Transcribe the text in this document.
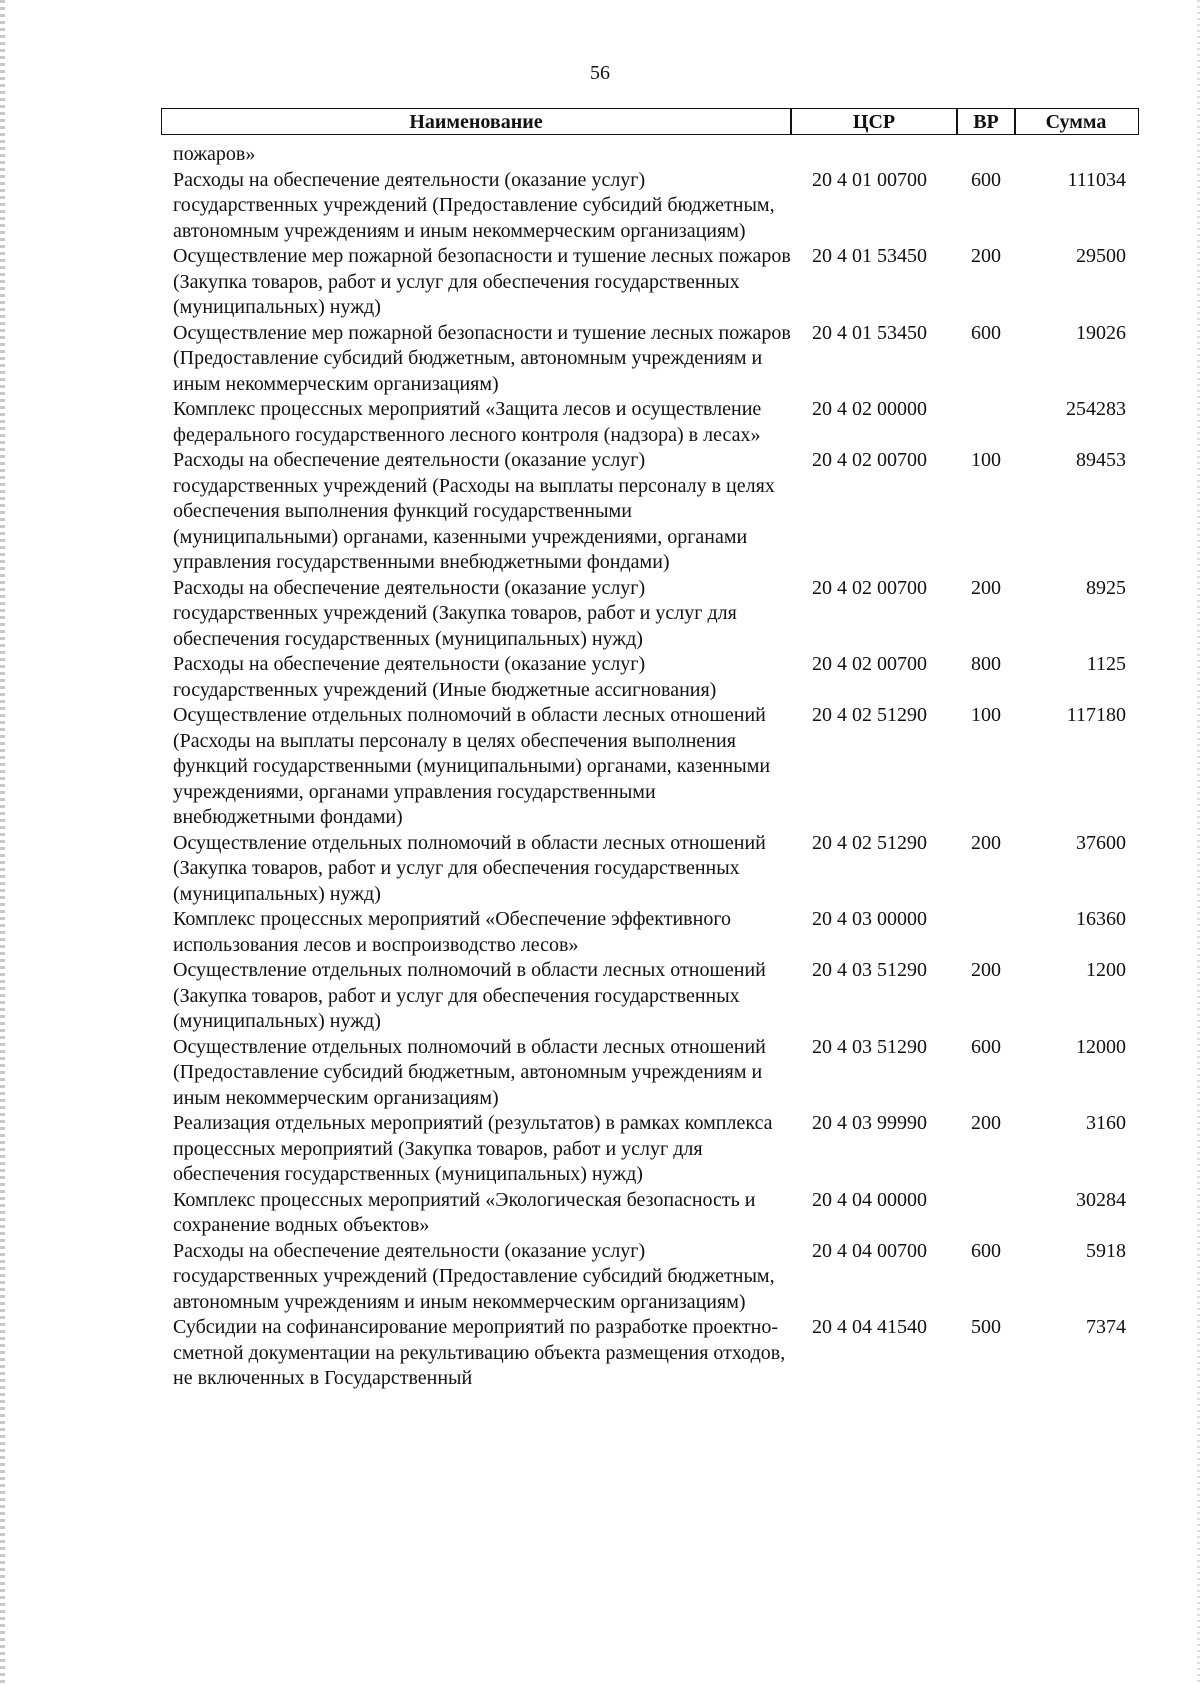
56
Наименование	ЦСР	ВР	Сумма
пожаров»
Расходы на обеспечение деятельности (оказание услуг) государственных учреждений (Предоставление субсидий бюджетным, автономным учреждениям и иным некоммерческим организациям)
20 4 01 00700 600	111034
Осуществление мер пожарной безопасности и тушение лесных пожаров (Закупка товаров, работ и услуг для обеспечения государственных (муниципальных) нужд)
20 4 01 53450 200	29500
Осуществление мер пожарной безопасности и тушение лесных пожаров (Предоставление субсидий бюджетным, автономным учреждениям и иным некоммерческим организациям)
20 4 01 53450 600	19026
Комплекс процессных мероприятий «Защита лесов и осуществление федерального государственного лесного контроля (надзора) в лесах»
20 4 02 00000	254283
Расходы на обеспечение деятельности (оказание услуг) государственных учреждений (Расходы на выплаты персоналу в целях обеспечения выполнения функций государственными (муниципальными) органами, казенными учреждениями, органами управления государственными внебюджетными фондами)
20 4 02 00700 100	89453
Расходы на обеспечение деятельности (оказание услуг) государственных учреждений (Закупка товаров, работ и услуг для обеспечения государственных (муниципальных) нужд)
20 4 02 00700 200	8925
Расходы на обеспечение деятельности (оказание услуг) государственных учреждений (Иные бюджетные ассигнования)
20 4 02 00700 800	1125
Осуществление отдельных полномочий в области лесных отношений (Расходы на выплаты персоналу в целях обеспечения выполнения функций государственными (муниципальными) органами, казенными учреждениями, органами управления государственными внебюджетными фондами)
20 4 02 51290 100	117180
Осуществление отдельных полномочий в области лесных отношений (Закупка товаров, работ и услуг для обеспечения государственных (муниципальных) нужд)
20 4 02 51290 200	37600
Комплекс процессных мероприятий «Обеспечение эффективного использования лесов и воспроизводство лесов»
20 4 03 00000	16360
Осуществление отдельных полномочий в области лесных отношений (Закупка товаров, работ и услуг для обеспечения государственных (муниципальных) нужд)
20 4 03 51290 200	1200
Осуществление отдельных полномочий в области лесных отношений (Предоставление субсидий бюджетным, автономным учреждениям и иным некоммерческим организациям)
20 4 03 51290 600	12000
Реализация отдельных мероприятий (результатов) в рамках комплекса процессных мероприятий (Закупка товаров, работ и услуг для обеспечения государственных (муниципальных) нужд)
20 4 03 99990 200	3160
Комплекс процессных мероприятий «Экологическая безопасность и сохранение водных объектов»
20 4 04 00000	30284
Расходы на обеспечение деятельности (оказание услуг) государственных учреждений (Предоставление субсидий бюджетным, автономным учреждениям и иным некоммерческим организациям)
20 4 04 00700 600	5918
Субсидии на софинансирование мероприятий по разработке проектно-сметной документации на рекультивацию объекта размещения отходов, не включенных в Государственный
20 4 04 41540 500	7374
